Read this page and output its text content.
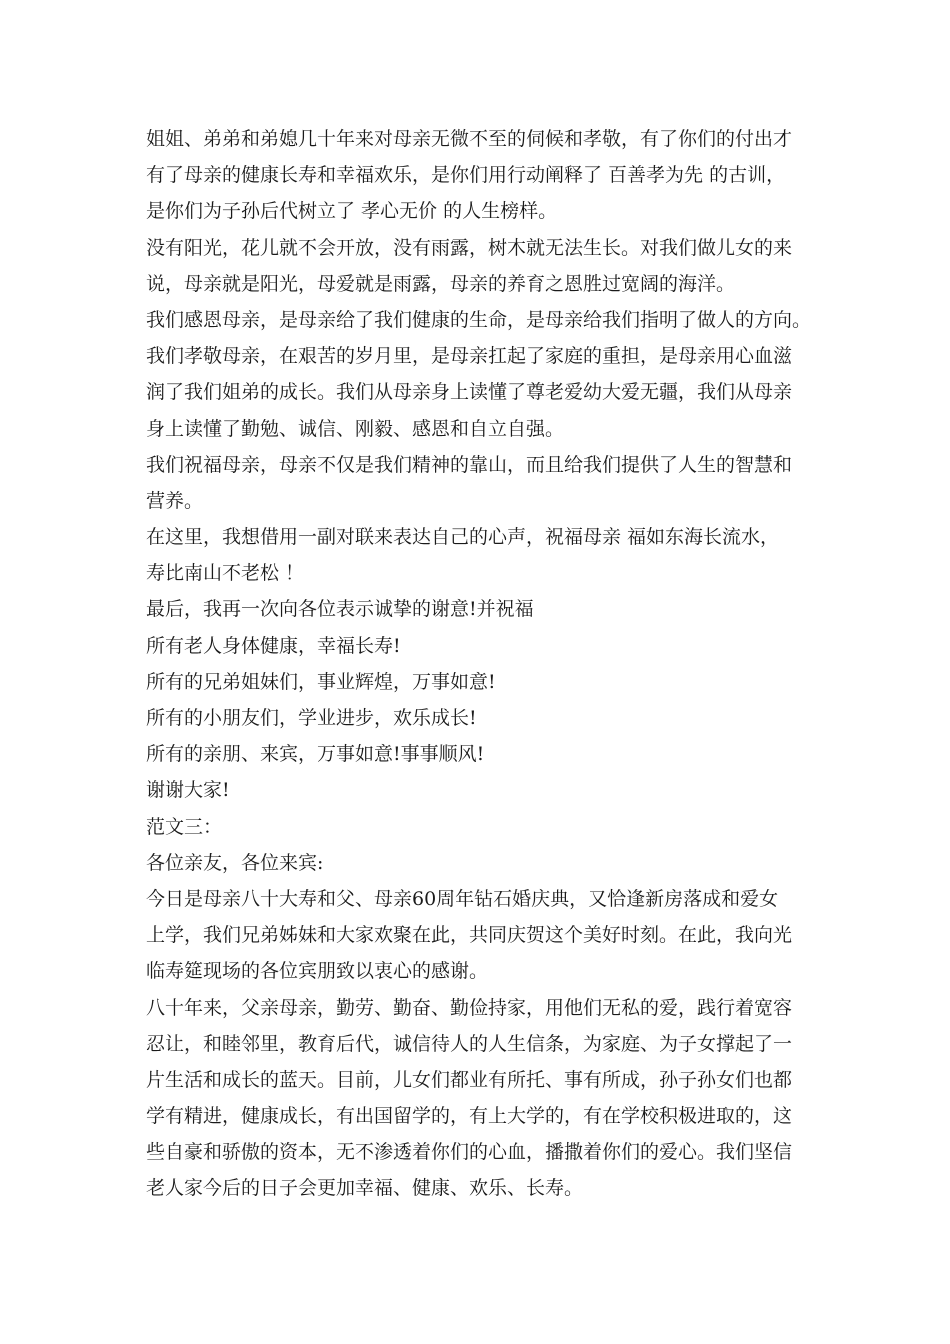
姐姐、弟弟和弟媳几十年来对母亲无微不至的伺候和孝敬，有了你们的付出才
有了母亲的健康长寿和幸福欢乐，是你们用行动阐释了 百善孝为先 的古训，
是你们为子孙后代树立了 孝心无价 的人生榜样。
没有阳光，花儿就不会开放，没有雨露，树木就无法生长。对我们做儿女的来
说，母亲就是阳光，母爱就是雨露，母亲的养育之恩胜过宽阔的海洋。
我们感恩母亲，是母亲给了我们健康的生命，是母亲给我们指明了做人的方向。
我们孝敬母亲，在艰苦的岁月里，是母亲扛起了家庭的重担，是母亲用心血滋
润了我们姐弟的成长。我们从母亲身上读懂了尊老爱幼大爱无疆，我们从母亲
身上读懂了勤勉、诚信、刚毅、感恩和自立自强。
我们祝福母亲，母亲不仅是我们精神的靠山，而且给我们提供了人生的智慧和
营养。
在这里，我想借用一副对联来表达自己的心声，祝福母亲 福如东海长流水，
寿比南山不老松 ！
最后，我再一次向各位表示诚挚的谢意!并祝福
所有老人身体健康，幸福长寿!
所有的兄弟姐妹们，事业辉煌，万事如意!
所有的小朋友们，学业进步，欢乐成长!
所有的亲朋、来宾，万事如意!事事顺风!
谢谢大家!
范文三：
各位亲友，各位来宾:
今日是母亲八十大寿和父、母亲60周年钻石婚庆典，又恰逢新房落成和爱女
上学，我们兄弟姊妹和大家欢聚在此，共同庆贺这个美好时刻。在此，我向光
临寿筵现场的各位宾朋致以衷心的感谢。
八十年来，父亲母亲，勤劳、勤奋、勤俭持家，用他们无私的爱，践行着宽容
忍让，和睦邻里，教育后代，诚信待人的人生信条，为家庭、为子女撑起了一
片生活和成长的蓝天。目前，儿女们都业有所托、事有所成，孙子孙女们也都
学有精进，健康成长，有出国留学的，有上大学的，有在学校积极进取的，这
些自豪和骄傲的资本，无不渗透着你们的心血，播撒着你们的爱心。我们坚信
老人家今后的日子会更加幸福、健康、欢乐、长寿。
